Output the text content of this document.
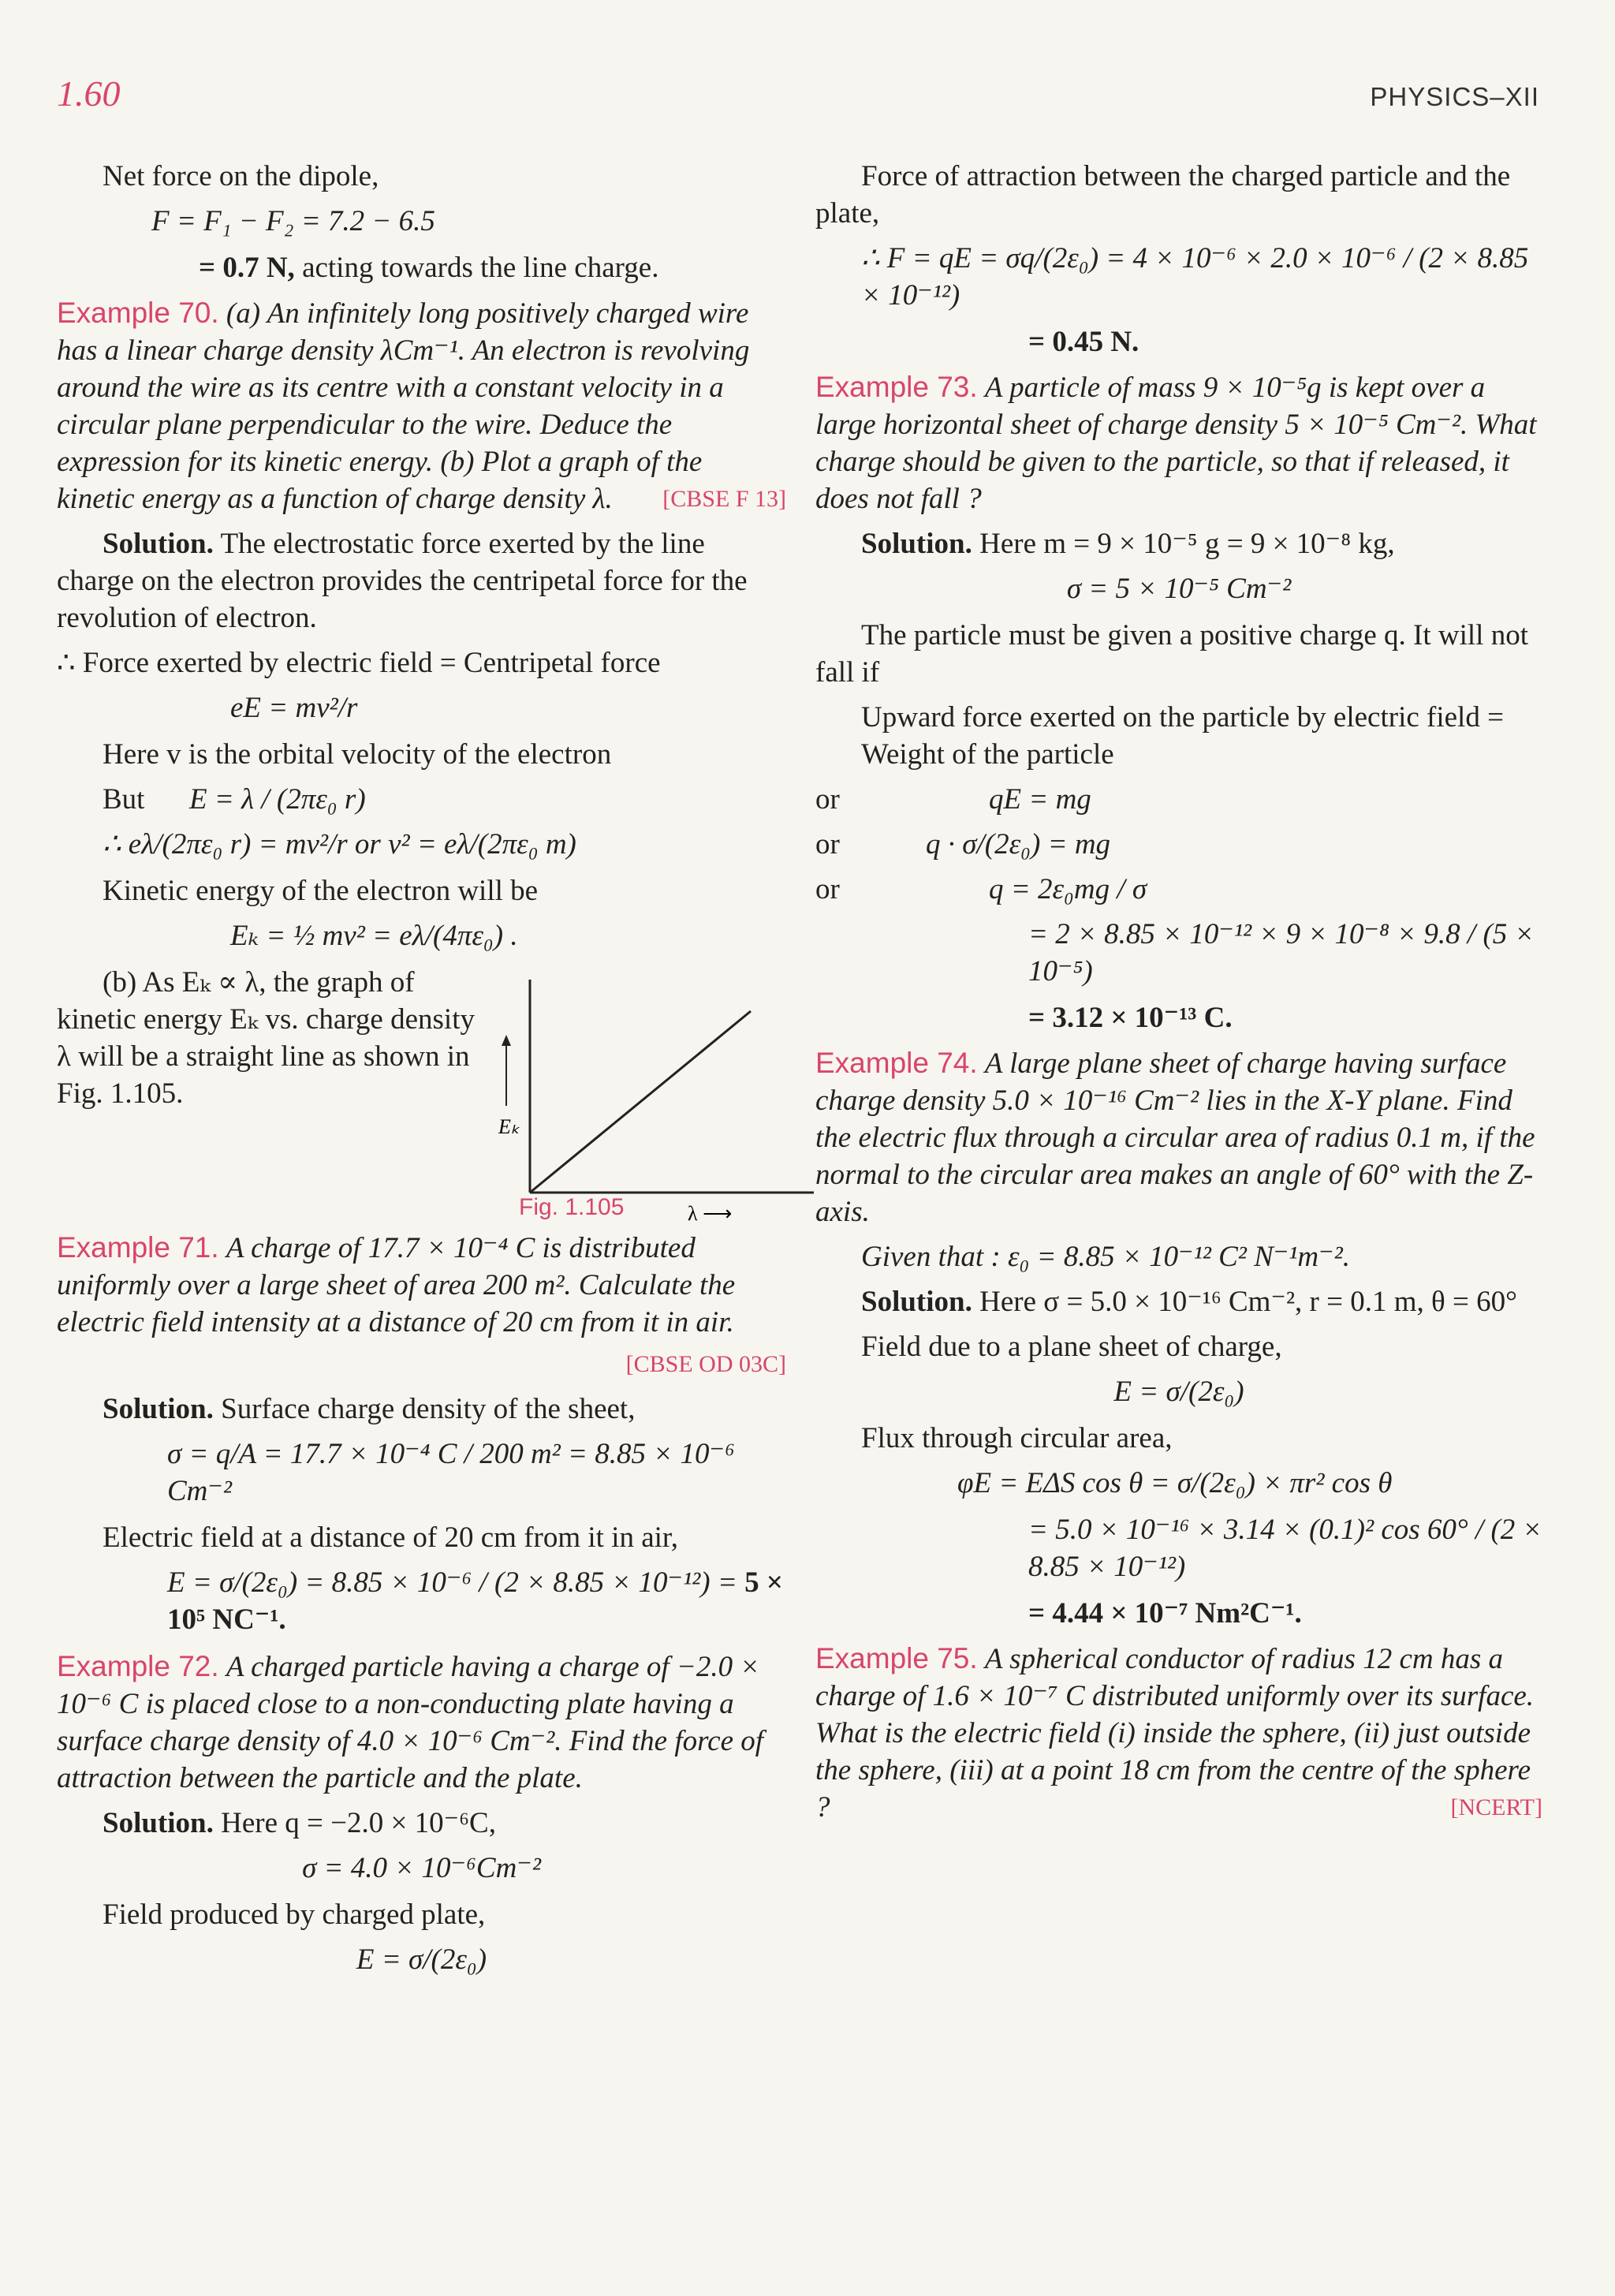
1.60	PHYSICS–XII

Net force on the dipole,

F = F₁ − F₂ = 7.2 − 6.5

= 0.7 N, acting towards the line charge.

Example 70. (a) An infinitely long positively charged wire has a linear charge density λCm⁻¹. An electron is revolving around the wire as its centre with a constant velocity in a circular plane perpendicular to the wire. Deduce the expression for its kinetic energy. (b) Plot a graph of the kinetic energy as a function of charge density λ. [CBSE F 13]

Solution. The electrostatic force exerted by the line charge on the electron provides the centripetal force for the revolution of electron.

∴ Force exerted by electric field = Centripetal force

eE = mv²/r

Here v is the orbital velocity of the electron

But	E = λ / (2πε₀ r)

∴ eλ/(2πε₀ r) = mv²/r or v² = eλ/(2πε₀ m)

Kinetic energy of the electron will be

Eₖ = ½ mv² = eλ/(4πε₀) .

(b) As Eₖ ∝ λ, the graph of kinetic energy Eₖ vs. charge density λ will be a straight line as shown in Fig. 1.105.

Eₖ
λ ⟶
Fig. 1.105

Example 71. A charge of 17.7 × 10⁻⁴ C is distributed uniformly over a large sheet of area 200 m². Calculate the electric field intensity at a distance of 20 cm from it in air.

[CBSE OD 03C]

Solution. Surface charge density of the sheet,

σ = q/A = 17.7 × 10⁻⁴ C / 200 m² = 8.85 × 10⁻⁶ Cm⁻²

Electric field at a distance of 20 cm from it in air,

E = σ/(2ε₀) = 8.85 × 10⁻⁶ / (2 × 8.85 × 10⁻¹²) = 5 × 10⁵ NC⁻¹.

Example 72. A charged particle having a charge of −2.0 × 10⁻⁶ C is placed close to a non-conducting plate having a surface charge density of 4.0 × 10⁻⁶ Cm⁻². Find the force of attraction between the particle and the plate.

Solution. Here q = −2.0 × 10⁻⁶C,

σ = 4.0 × 10⁻⁶Cm⁻²

Field produced by charged plate,

E = σ/(2ε₀)

Force of attraction between the charged particle and the plate,

∴ F = qE = σq/(2ε₀) = 4 × 10⁻⁶ × 2.0 × 10⁻⁶ / (2 × 8.85 × 10⁻¹²)

= 0.45 N.

Example 73. A particle of mass 9 × 10⁻⁵g is kept over a large horizontal sheet of charge density 5 × 10⁻⁵ Cm⁻². What charge should be given to the particle, so that if released, it does not fall ?

Solution. Here m = 9 × 10⁻⁵ g = 9 × 10⁻⁸ kg,

σ = 5 × 10⁻⁵ Cm⁻²

The particle must be given a positive charge q. It will not fall if

Upward force exerted on the particle by electric field = Weight of the particle

or	qE = mg
or	q · σ/(2ε₀) = mg
or	q = 2ε₀mg / σ

= 2 × 8.85 × 10⁻¹² × 9 × 10⁻⁸ × 9.8 / (5 × 10⁻⁵)

= 3.12 × 10⁻¹³ C.

Example 74. A large plane sheet of charge having surface charge density 5.0 × 10⁻¹⁶ Cm⁻² lies in the X-Y plane. Find the electric flux through a circular area of radius 0.1 m, if the normal to the circular area makes an angle of 60° with the Z-axis.

Given that : ε₀ = 8.85 × 10⁻¹² C² N⁻¹m⁻².

Solution. Here σ = 5.0 × 10⁻¹⁶ Cm⁻², r = 0.1 m, θ = 60°

Field due to a plane sheet of charge,

E = σ/(2ε₀)

Flux through circular area,

φE = EΔS cos θ = σ/(2ε₀) × πr² cos θ

= 5.0 × 10⁻¹⁶ × 3.14 × (0.1)² cos 60° / (2 × 8.85 × 10⁻¹²)

= 4.44 × 10⁻⁷ Nm²C⁻¹.

Example 75. A spherical conductor of radius 12 cm has a charge of 1.6 × 10⁻⁷ C distributed uniformly over its surface. What is the electric field (i) inside the sphere, (ii) just outside the sphere, (iii) at a point 18 cm from the centre of the sphere ?	[NCERT]
